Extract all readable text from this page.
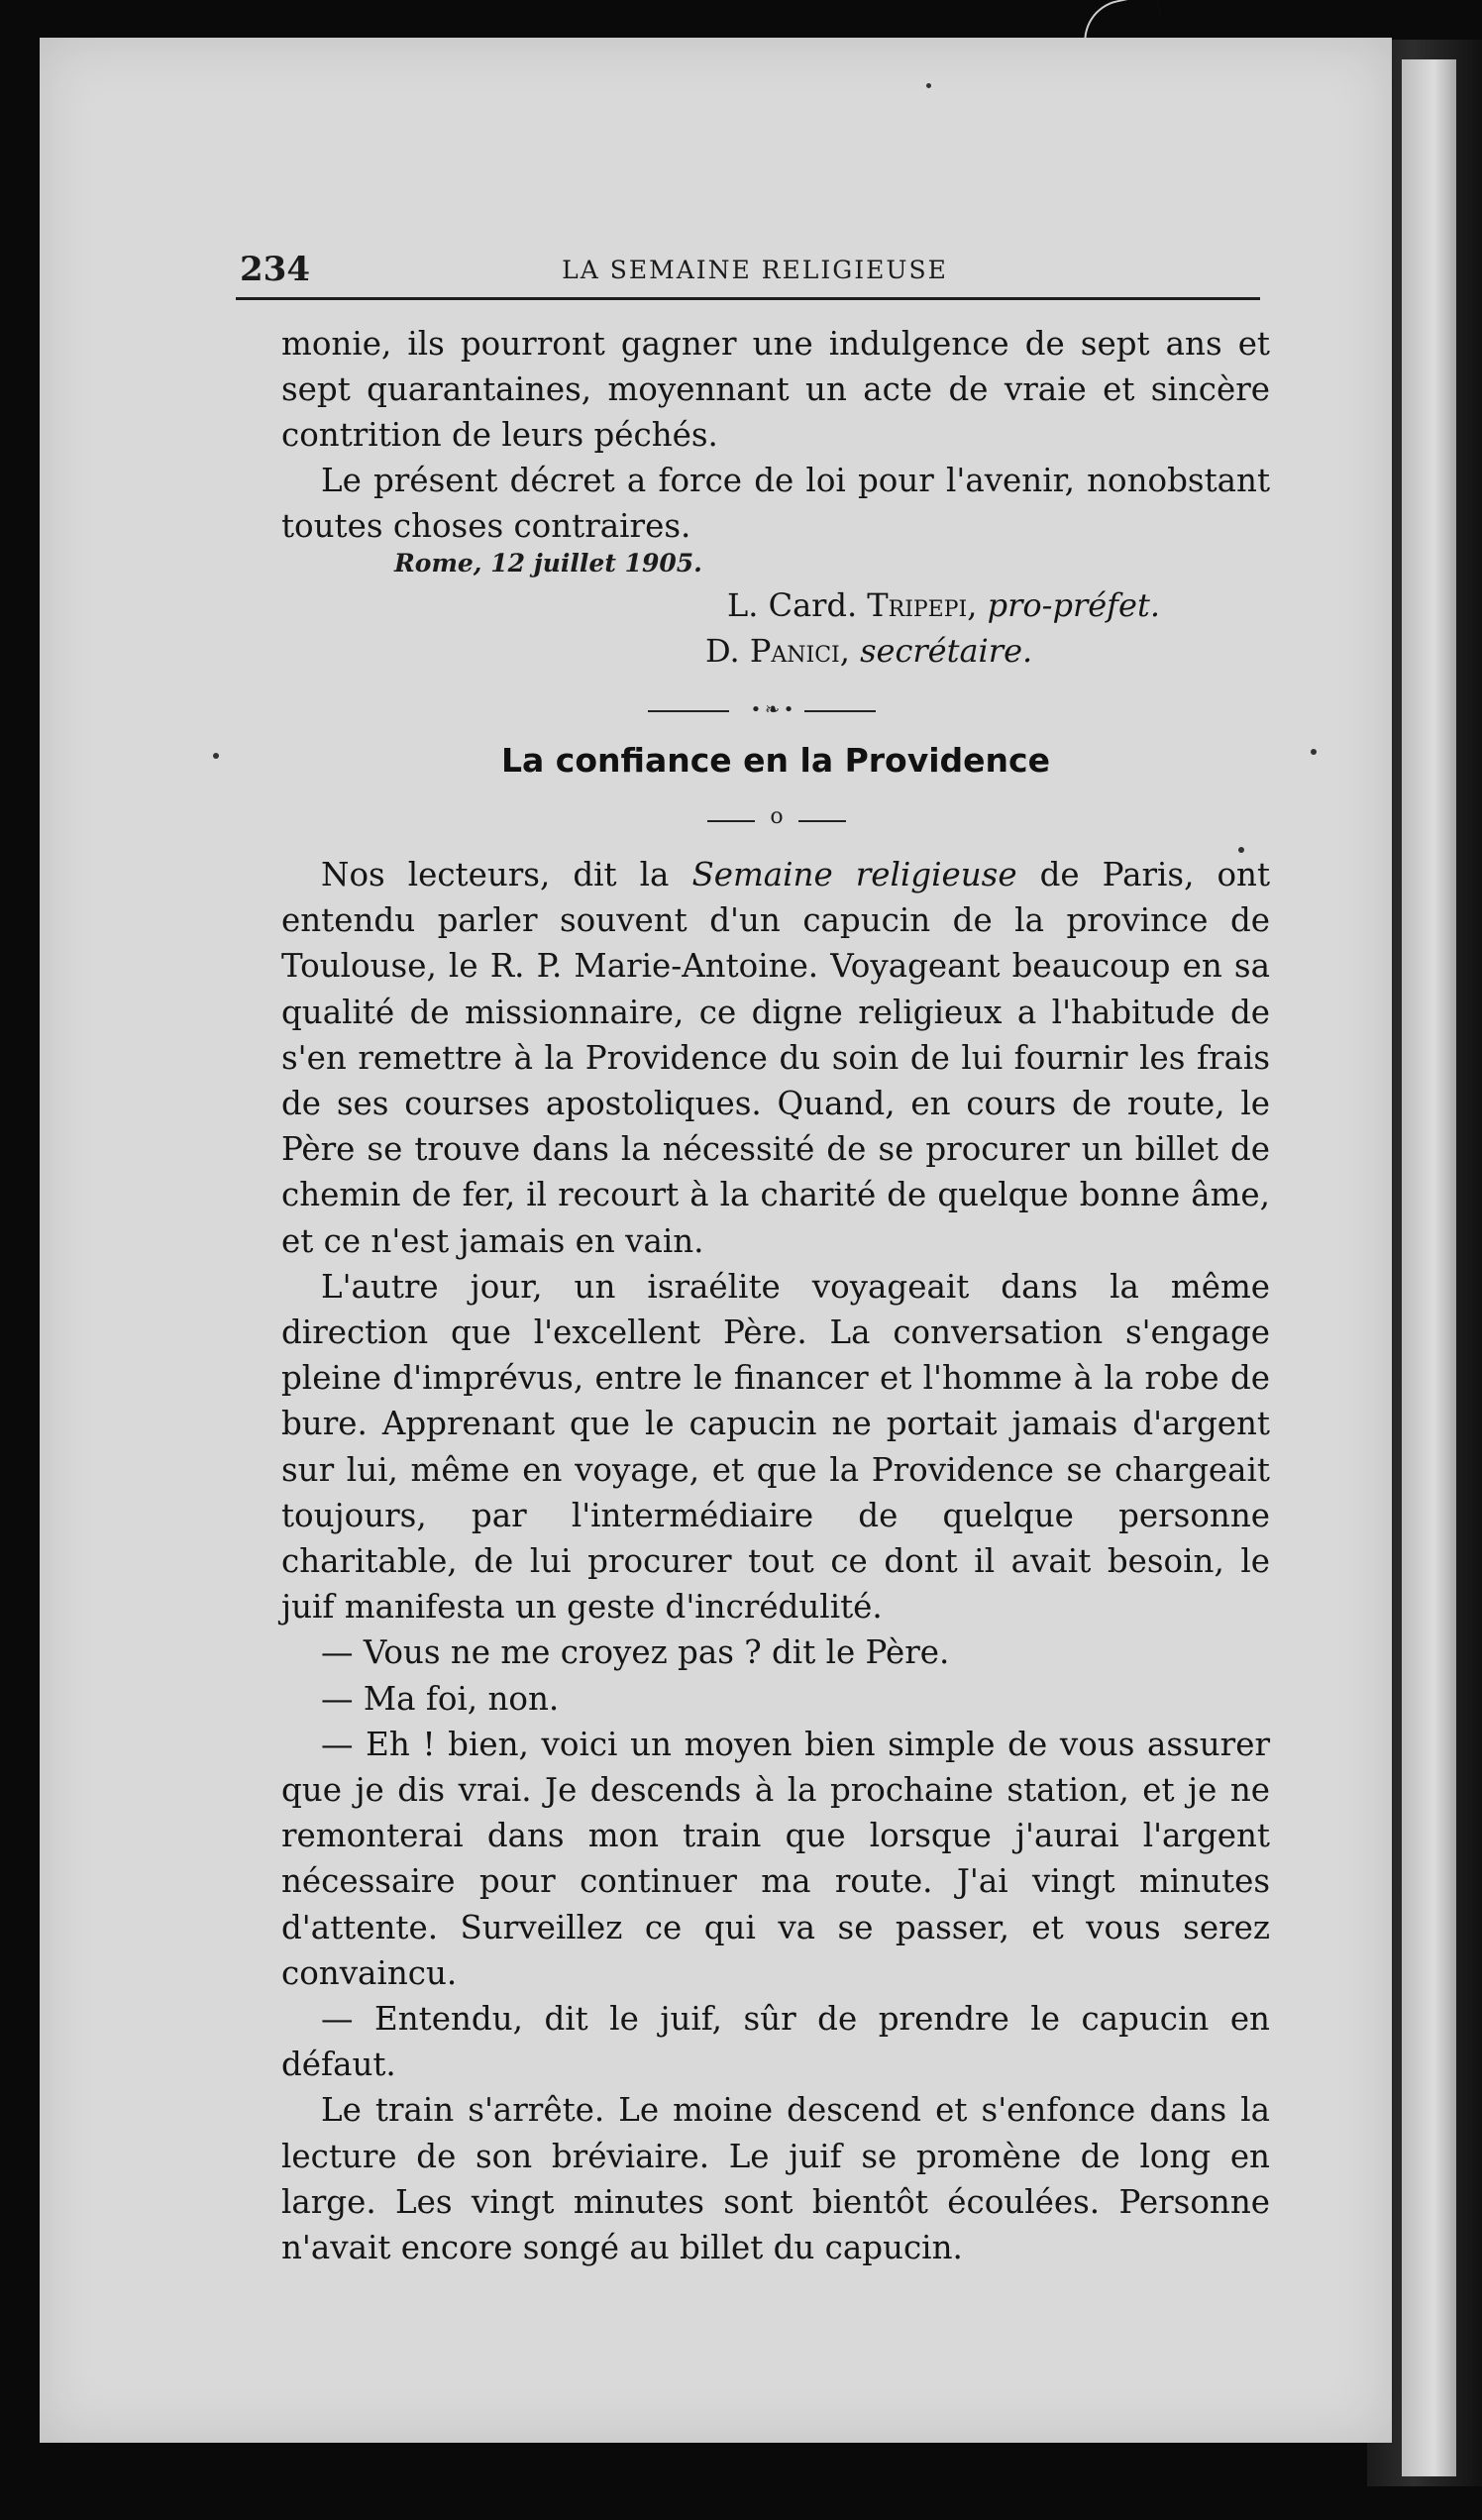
234	LA SEMAINE RELIGIEUSE

monie, ils pourront gagner une indulgence de sept ans et sept quarantaines, moyennant un acte de vraie et sincère contrition de leurs péchés.

Le présent décret a force de loi pour l'avenir, nonobstant toutes choses contraires.

Rome, 12 juillet 1905.
L. Card. Tripepi, pro-préfet.
D. Panici, secrétaire.
• ❧ •
La confiance en la Providence
o

Nos lecteurs, dit la Semaine religieuse de Paris, ont entendu parler souvent d'un capucin de la province de Toulouse, le R. P. Marie-Antoine. Voyageant beaucoup en sa qualité de missionnaire, ce digne religieux a l'habitude de s'en remettre à la Providence du soin de lui fournir les frais de ses courses apostoliques. Quand, en cours de route, le Père se trouve dans la nécessité de se procurer un billet de chemin de fer, il recourt à la charité de quelque bonne âme, et ce n'est jamais en vain.

L'autre jour, un israélite voyageait dans la même direction que l'excellent Père. La conversation s'engage pleine d'imprévus, entre le financer et l'homme à la robe de bure. Apprenant que le capucin ne portait jamais d'argent sur lui, même en voyage, et que la Providence se chargeait toujours, par l'intermédiaire de quelque personne charitable, de lui procurer tout ce dont il avait besoin, le juif manifesta un geste d'incrédulité.

— Vous ne me croyez pas ? dit le Père.

— Ma foi, non.

— Eh ! bien, voici un moyen bien simple de vous assurer que je dis vrai. Je descends à la prochaine station, et je ne remonterai dans mon train que lorsque j'aurai l'argent nécessaire pour continuer ma route. J'ai vingt minutes d'attente. Surveillez ce qui va se passer, et vous serez convaincu.

— Entendu, dit le juif, sûr de prendre le capucin en défaut.

Le train s'arrête. Le moine descend et s'enfonce dans la lecture de son bréviaire. Le juif se promène de long en large. Les vingt minutes sont bientôt écoulées. Personne n'avait encore songé au billet du capucin.
